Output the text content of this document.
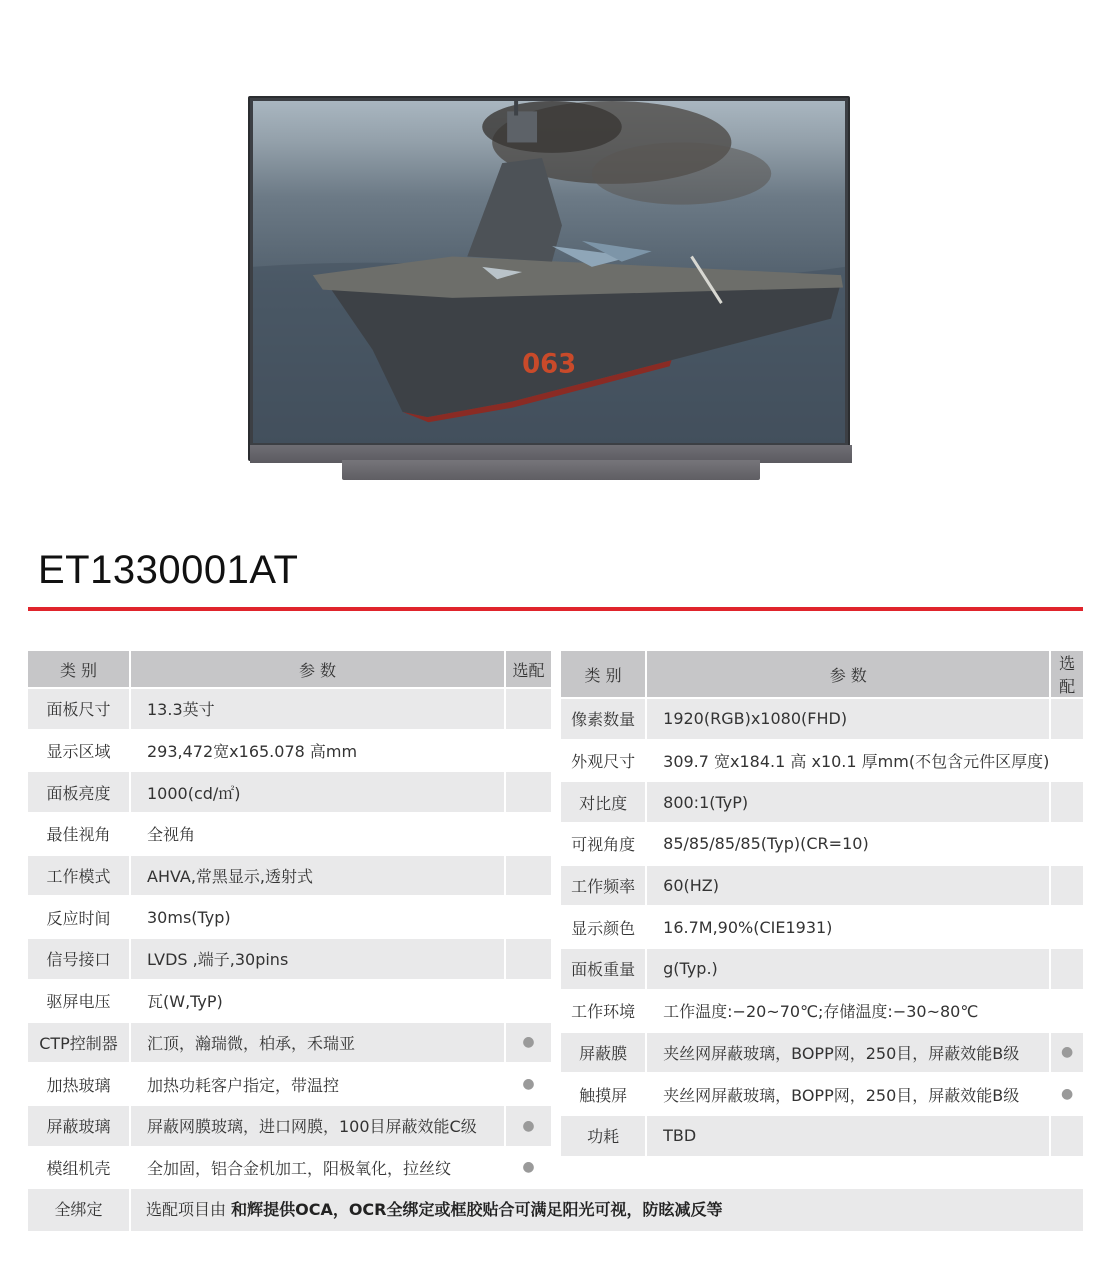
063
ET1330001AT
类 别	参 数	选配
面板尺寸	13.3英寸	
显示区域	293,472宽x165.078 高mm	
面板亮度	1000(cd/㎡)	
最佳视角	全视角	
工作模式	AHVA,常黑显示,透射式	
反应时间	30ms(Typ)	
信号接口	LVDS ,端子,30pins	
驱屏电压	瓦(W,TyP)	
CTP控制器	汇顶，瀚瑞微，柏承，禾瑞亚	●
加热玻璃	加热功耗客户指定，带温控	●
屏蔽玻璃	屏蔽网膜玻璃，进口网膜，100目屏蔽效能C级	●
模组机壳	全加固，铝合金机加工，阳极氧化，拉丝纹	●
类 别	参 数	选配
像素数量	1920(RGB)x1080(FHD)	
外观尺寸	309.7 宽x184.1 高 x10.1 厚mm(不包含元件区厚度)	
对比度	800:1(TyP)	
可视角度	85/85/85/85(Typ)(CR=10)	
工作频率	60(HZ)	
显示颜色	16.7M,90%(CIE1931)	
面板重量	g(Typ.)	
工作环境	工作温度:−20~70℃;存储温度:−30~80℃	
屏蔽膜	夹丝网屏蔽玻璃，BOPP网，250目，屏蔽效能B级	●
触摸屏	夹丝网屏蔽玻璃，BOPP网，250目，屏蔽效能B级	●
功耗	TBD	
全绑定	选配项目由 和辉提供OCA，OCR全绑定或框胶贴合可满足阳光可视，防眩减反等
